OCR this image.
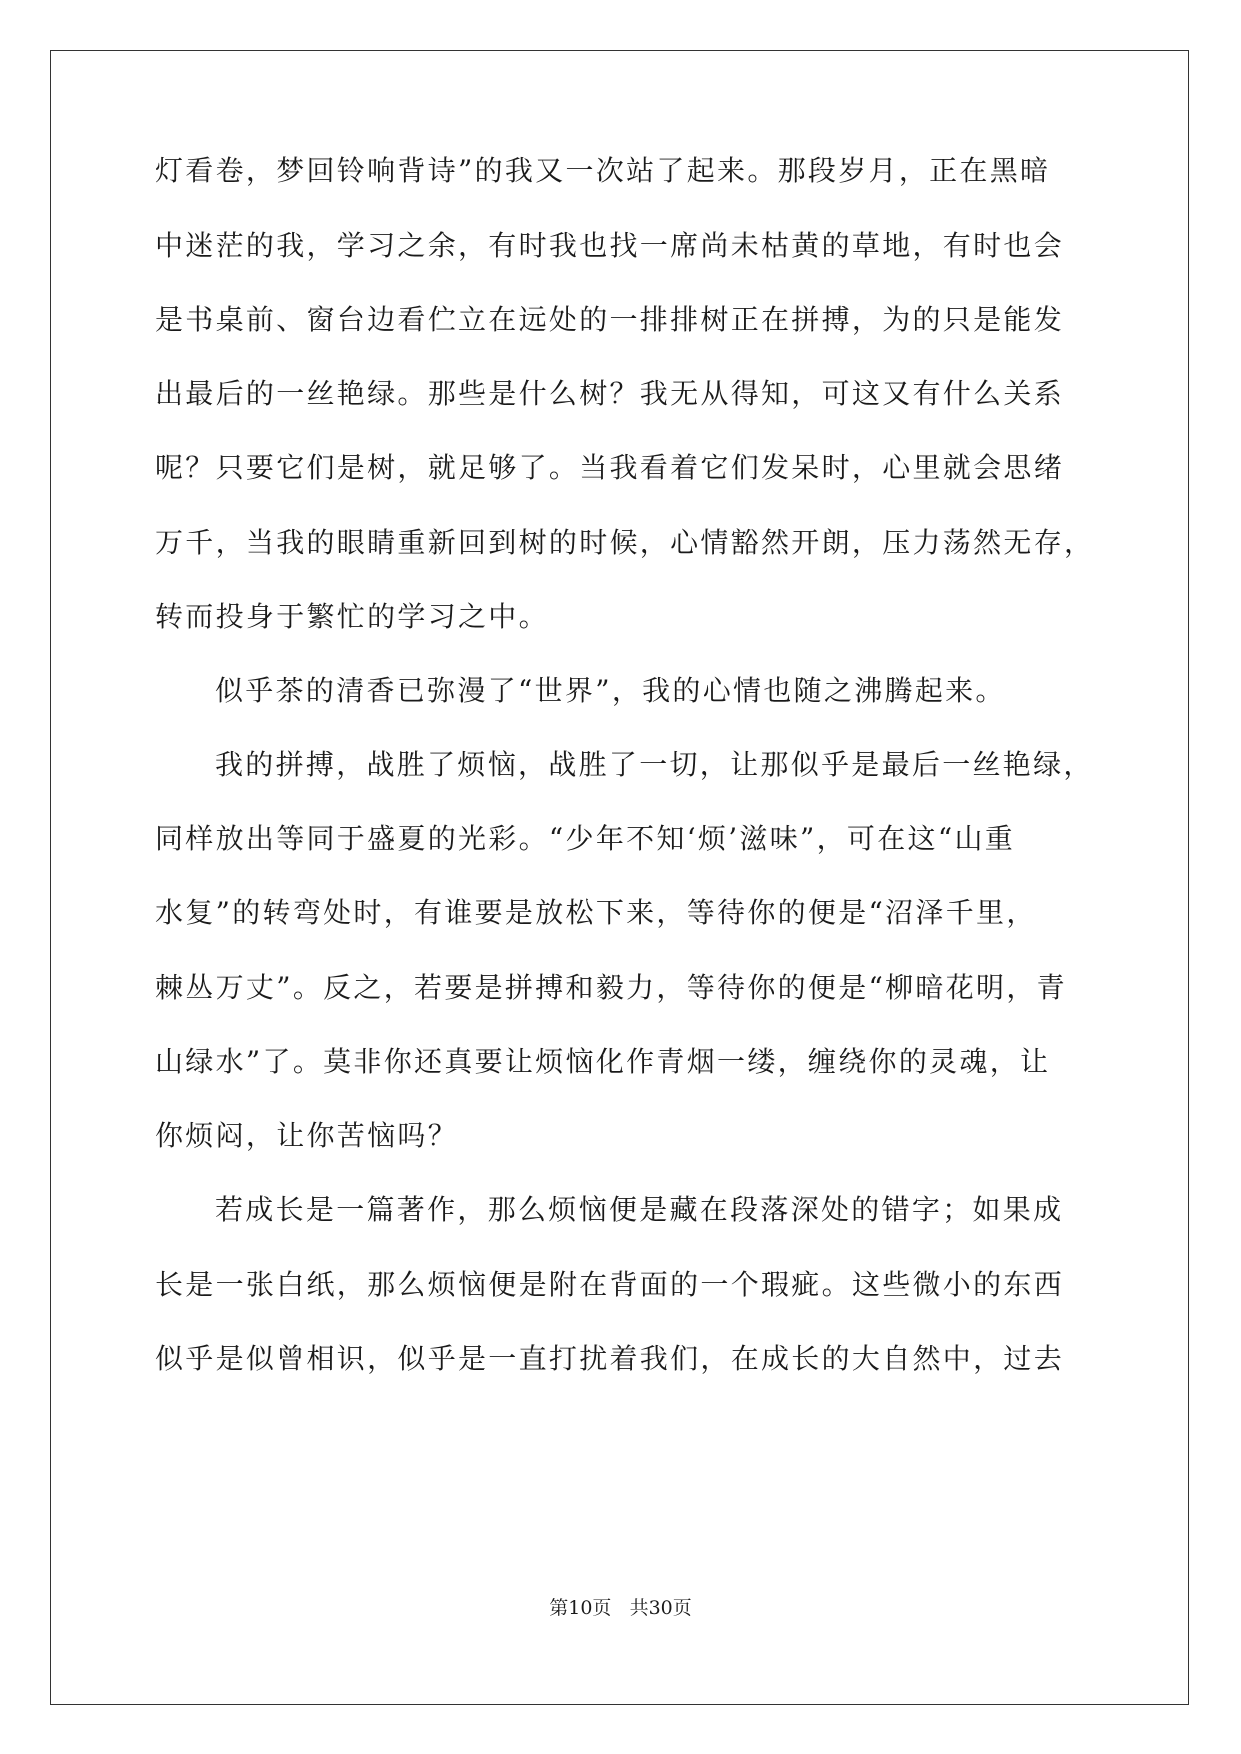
灯看卷，梦回铃响背诗”的我又一次站了起来。那段岁月，正在黑暗
中迷茫的我，学习之余，有时我也找一席尚未枯黄的草地，有时也会
是书桌前、窗台边看伫立在远处的一排排树正在拼搏，为的只是能发
出最后的一丝艳绿。那些是什么树？我无从得知，可这又有什么关系
呢？只要它们是树，就足够了。当我看着它们发呆时，心里就会思绪
万千，当我的眼睛重新回到树的时候，心情豁然开朗，压力荡然无存，
转而投身于繁忙的学习之中。
似乎茶的清香已弥漫了“世界”，我的心情也随之沸腾起来。
我的拼搏，战胜了烦恼，战胜了一切，让那似乎是最后一丝艳绿，
同样放出等同于盛夏的光彩。“少年不知‘烦’滋味”，可在这“山重
水复”的转弯处时，有谁要是放松下来，等待你的便是“沼泽千里，
棘丛万丈”。反之，若要是拼搏和毅力，等待你的便是“柳暗花明，青
山绿水”了。莫非你还真要让烦恼化作青烟一缕，缠绕你的灵魂，让
你烦闷，让你苦恼吗？
若成长是一篇著作，那么烦恼便是藏在段落深处的错字；如果成
长是一张白纸，那么烦恼便是附在背面的一个瑕疵。这些微小的东西
似乎是似曾相识，似乎是一直打扰着我们，在成长的大自然中，过去
第10页 共30页
